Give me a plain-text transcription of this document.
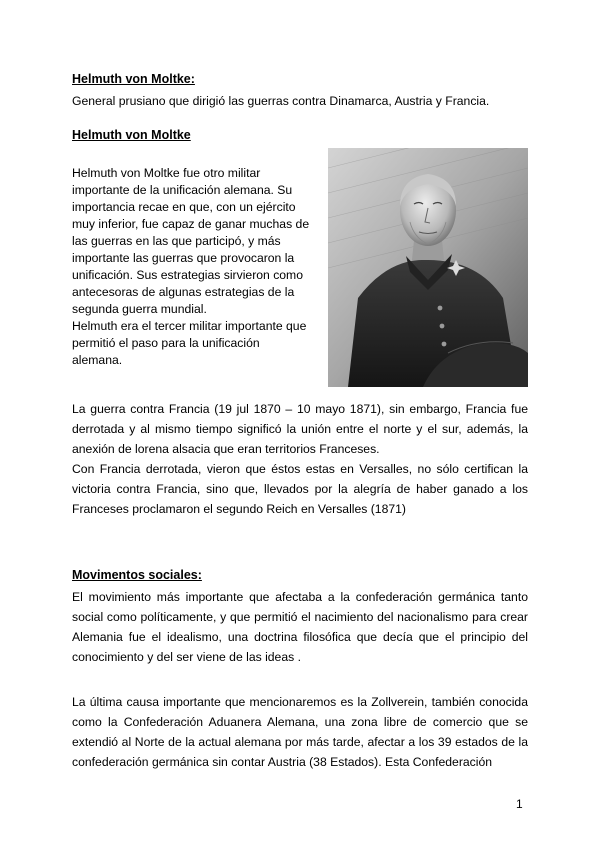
Helmuth von Moltke:
General prusiano que dirigió las guerras contra Dinamarca, Austria y Francia.
Helmuth von Moltke

Helmuth von Moltke fue otro militar importante de la unificación alemana. Su importancia recae en que, con un ejército muy inferior, fue capaz de ganar muchas de las guerras en las que participó, y más importante las guerras que provocaron la unificación. Sus estrategias sirvieron como antecesoras de algunas estrategias de la segunda guerra mundial.

Helmuth era el tercer militar importante que permitió el paso para la unificación alemana.

La guerra contra Francia (19 jul 1870 – 10 mayo 1871), sin embargo, Francia fue derrotada y al mismo tiempo significó la unión entre el norte y el sur, además, la anexión de lorena alsacia que eran territorios Franceses.

Con Francia derrotada, vieron que éstos estas en Versalles, no sólo certifican la victoria contra Francia, sino que, llevados por la alegría de haber ganado a los Franceses proclamaron el segundo Reich en Versalles (1871)

Movimentos sociales:

El movimiento más importante que afectaba a la confederación germánica tanto social como políticamente, y que permitió el nacimiento del nacionalismo para crear Alemania fue el idealismo, una doctrina filosófica que decía que el principio del conocimiento y del ser viene de las ideas .

La última causa importante que mencionaremos es la Zollverein, también conocida como la Confederación Aduanera Alemana, una zona libre de comercio que se extendió al Norte de la actual alemana por más tarde, afectar a los 39 estados de la confederación germánica sin contar Austria (38 Estados). Esta Confederación

1
